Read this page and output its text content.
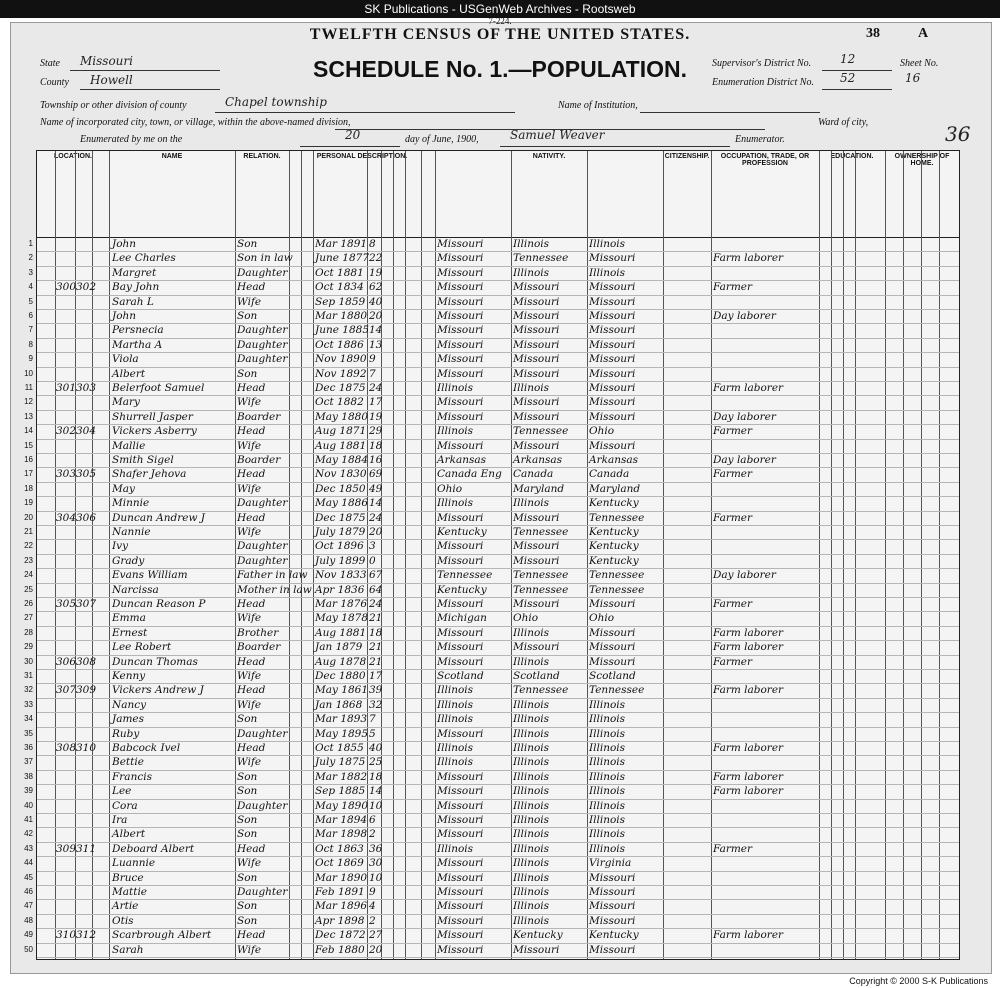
SK Publications - USGenWeb Archives - Rootsweb
7-224.
TWELFTH CENSUS OF THE UNITED STATES.	38	A
SCHEDULE No. 1.—POPULATION.
State Missouri
County Howell
Township or other division of county	Chapel township	Name of Institution,
Name of incorporated city, town, or village, within the above-named division,	Ward of city,
Enumerated by me on the	20	day of June, 1900,	Samuel Weaver	Enumerator.	36
Supervisor's District No. 12
Enumeration District No. 52
Sheet No.
16
LOCATION.	NAME	RELATION.	PERSONAL DESCRIPTION.	NATIVITY.	CITIZENSHIP.	OCCUPATION, TRADE, OR PROFESSION
EDUCATION.	OWNERSHIP OF HOME.
1	John	Son	Mar 1891 8	Missouri	Illinois	Illinois
2	Lee Charles	Son in law June 1877 22	Missouri	Tennessee	Missouri	Farm laborer
3	Margret	Daughter	Oct 1881 19	Missouri	Illinois	Illinois
4 300 302 Bay John	Head	Oct 1834 62	Missouri	Missouri	Missouri	Farmer
5	Sarah L	Wife	Sep 1859 40	Missouri	Missouri	Missouri
6	John	Son	Mar 1880 20	Missouri	Missouri	Missouri	Day laborer
7	Persnecia	Daughter	June 1885 14	Missouri	Missouri	Missouri
8	Martha A	Daughter	Oct 1886 13	Missouri	Missouri	Missouri
9	Viola	Daughter	Nov 1890 9	Missouri	Missouri	Missouri
10	Albert	Son	Nov 1892 7	Missouri	Missouri	Missouri
11 301 303 Belerfoot Samuel	Head	Dec 1875 24	Illinois	Illinois	Missouri	Farm laborer
12	Mary	Wife	Oct 1882 17	Missouri	Missouri	Missouri
13	Shurrell Jasper	Boarder	May 1880 19	Missouri	Missouri	Missouri	Day laborer
14 302 304 Vickers Asberry	Head	Aug 1871 29	Illinois	Tennessee	Ohio	Farmer
15	Mallie	Wife	Aug 1881 18	Missouri	Missouri	Missouri
16	Smith Sigel	Boarder	May 1884 16	Arkansas	Arkansas	Arkansas	Day laborer
17 303 305 Shafer Jehova	Head	Nov 1830 69	Canada Eng	Canada	Canada	Farmer
18	May	Wife	Dec 1850 49	Ohio	Maryland	Maryland
19	Minnie	Daughter	May 1886 14	Illinois	Illinois	Kentucky
20 304 306 Duncan Andrew J	Head	Dec 1875 24	Missouri	Missouri	Tennessee	Farmer
21	Nannie	Wife	July 1879 20	Kentucky	Tennessee	Kentucky
22	Ivy	Daughter	Oct 1896 3	Missouri	Missouri	Kentucky
23	Grady	Daughter	July 1899 0	Missouri	Missouri	Kentucky
24	Evans William	Father in law Nov 1833 67	Tennessee	Tennessee	Tennessee	Day laborer
25	Narcissa	Mother in law Apr 1836 64	Kentucky	Tennessee	Tennessee
26 305 307 Duncan Reason P	Head	Mar 1876 24	Missouri	Missouri	Missouri	Farmer
27	Emma	Wife	May 1878 21	Michigan	Ohio	Ohio
28	Ernest	Brother	Aug 1881 18	Missouri	Illinois	Missouri	Farm laborer
29	Lee Robert	Boarder	Jan 1879 21	Missouri	Missouri	Missouri	Farm laborer
30 306 308 Duncan Thomas	Head	Aug 1878 21	Missouri	Illinois	Missouri	Farmer
31	Kenny	Wife	Dec 1880 17	Scotland	Scotland	Scotland
32 307 309 Vickers Andrew J	Head	May 1861 39	Illinois	Tennessee	Tennessee	Farm laborer
33	Nancy	Wife	Jan 1868 32	Illinois	Illinois	Illinois
34	James	Son	Mar 1893 7	Illinois	Illinois	Illinois
35	Ruby	Daughter	May 1895 5	Missouri	Illinois	Illinois
36 308 310 Babcock Ivel	Head	Oct 1855 40	Illinois	Illinois	Illinois	Farm laborer
37	Bettie	Wife	July 1875 25	Illinois	Illinois	Illinois
38	Francis	Son	Mar 1882 18	Missouri	Illinois	Illinois	Farm laborer
39	Lee	Son	Sep 1885 14	Missouri	Illinois	Illinois	Farm laborer
40	Cora	Daughter	May 1890 10	Missouri	Illinois	Illinois
41	Ira	Son	Mar 1894 6	Missouri	Illinois	Illinois
42	Albert	Son	Mar 1898 2	Missouri	Illinois	Illinois
43 309 311 Deboard Albert	Head	Oct 1863 36	Illinois	Illinois	Illinois	Farmer
44	Luannie	Wife	Oct 1869 30	Missouri	Illinois	Virginia
45	Bruce	Son	Mar 1890 10	Missouri	Illinois	Missouri
46	Mattie	Daughter	Feb 1891 9	Missouri	Illinois	Missouri
47	Artie	Son	Mar 1896 4	Missouri	Illinois	Missouri
48	Otis	Son	Apr 1898 2	Missouri	Illinois	Missouri
49 310 312 Scarbrough Albert	Head	Dec 1872 27	Missouri	Kentucky	Kentucky	Farm laborer
50	Sarah	Wife	Feb 1880 20	Missouri	Missouri	Missouri
Copyright © 2000 S-K Publications
